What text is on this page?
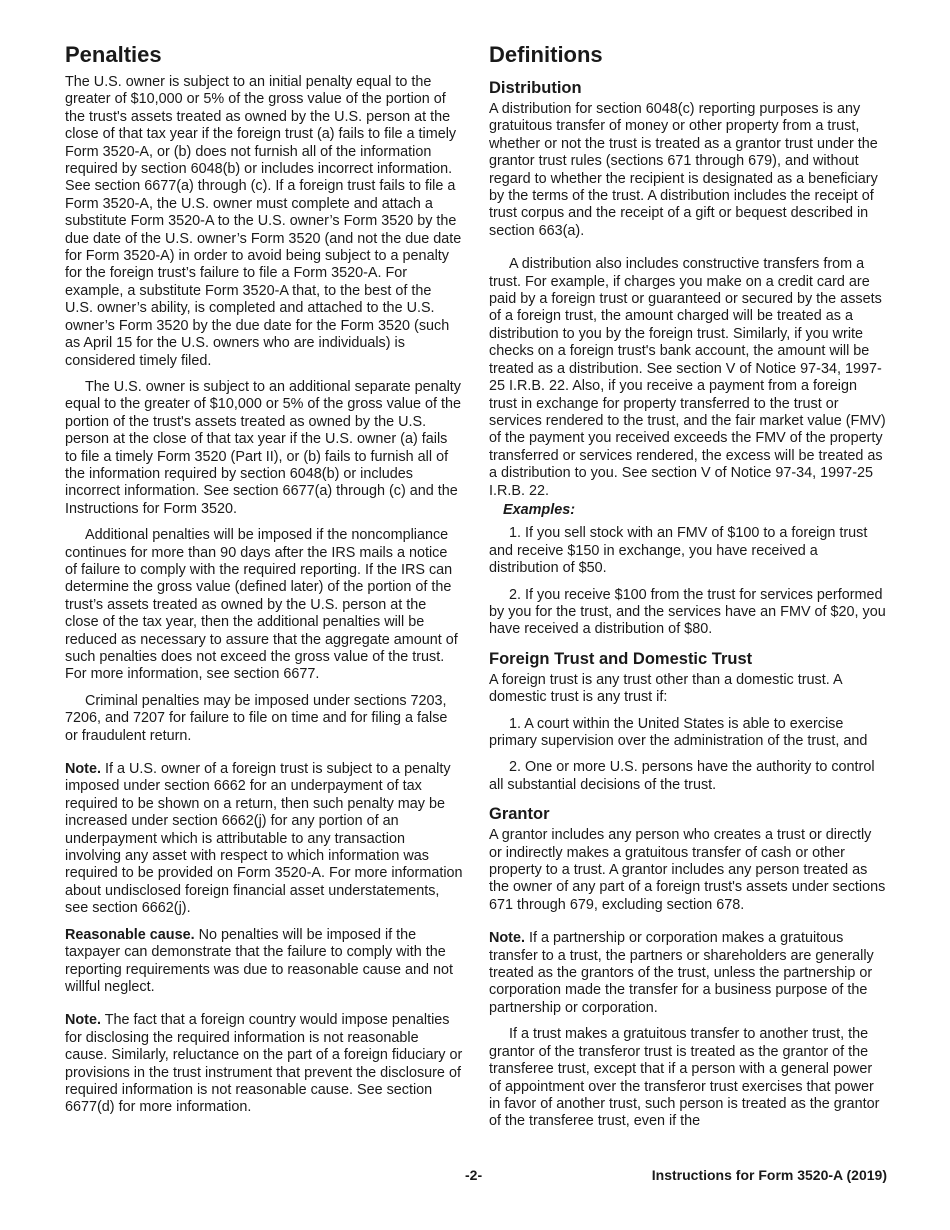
Penalties

The U.S. owner is subject to an initial penalty equal to the greater of $10,000 or 5% of the gross value of the portion of the trust's assets treated as owned by the U.S. person at the close of that tax year if the foreign trust (a) fails to file a timely Form 3520-A, or (b) does not furnish all of the information required by section 6048(b) or includes incorrect information. See section 6677(a) through (c). If a foreign trust fails to file a Form 3520-A, the U.S. owner must complete and attach a substitute Form 3520-A to the U.S. owner’s Form 3520 by the due date of the U.S. owner’s Form 3520 (and not the due date for Form 3520-A) in order to avoid being subject to a penalty for the foreign trust’s failure to file a Form 3520-A. For example, a substitute Form 3520-A that, to the best of the U.S. owner’s ability, is completed and attached to the U.S. owner’s Form 3520 by the due date for the Form 3520 (such as April 15 for the U.S. owners who are individuals) is considered timely filed.

The U.S. owner is subject to an additional separate penalty equal to the greater of $10,000 or 5% of the gross value of the portion of the trust's assets treated as owned by the U.S. person at the close of that tax year if the U.S. owner (a) fails to file a timely Form 3520 (Part II), or (b) fails to furnish all of the information required by section 6048(b) or includes incorrect information. See section 6677(a) through (c) and the Instructions for Form 3520.

Additional penalties will be imposed if the noncompliance continues for more than 90 days after the IRS mails a notice of failure to comply with the required reporting. If the IRS can determine the gross value (defined later) of the portion of the trust’s assets treated as owned by the U.S. person at the close of the tax year, then the additional penalties will be reduced as necessary to assure that the aggregate amount of such penalties does not exceed the gross value of the trust. For more information, see section 6677.

Criminal penalties may be imposed under sections 7203, 7206, and 7207 for failure to file on time and for filing a false or fraudulent return.

Note. If a U.S. owner of a foreign trust is subject to a penalty imposed under section 6662 for an underpayment of tax required to be shown on a return, then such penalty may be increased under section 6662(j) for any portion of an underpayment which is attributable to any transaction involving any asset with respect to which information was required to be provided on Form 3520-A. For more information about undisclosed foreign financial asset understatements, see section 6662(j).

Reasonable cause. No penalties will be imposed if the taxpayer can demonstrate that the failure to comply with the reporting requirements was due to reasonable cause and not willful neglect.

Note. The fact that a foreign country would impose penalties for disclosing the required information is not reasonable cause. Similarly, reluctance on the part of a foreign fiduciary or provisions in the trust instrument that prevent the disclosure of required information is not reasonable cause. See section 6677(d) for more information.

Definitions
Distribution

A distribution for section 6048(c) reporting purposes is any gratuitous transfer of money or other property from a trust, whether or not the trust is treated as a grantor trust under the grantor trust rules (sections 671 through 679), and without regard to whether the recipient is designated as a beneficiary by the terms of the trust. A distribution includes the receipt of trust corpus and the receipt of a gift or bequest described in section 663(a).

A distribution also includes constructive transfers from a trust. For example, if charges you make on a credit card are paid by a foreign trust or guaranteed or secured by the assets of a foreign trust, the amount charged will be treated as a distribution to you by the foreign trust. Similarly, if you write checks on a foreign trust's bank account, the amount will be treated as a distribution. See section V of Notice 97-34, 1997-25 I.R.B. 22. Also, if you receive a payment from a foreign trust in exchange for property transferred to the trust or services rendered to the trust, and the fair market value (FMV) of the payment you received exceeds the FMV of the property transferred or services rendered, the excess will be treated as a distribution to you. See section V of Notice 97-34, 1997-25 I.R.B. 22.

Examples:

1. If you sell stock with an FMV of $100 to a foreign trust and receive $150 in exchange, you have received a distribution of $50.

2. If you receive $100 from the trust for services performed by you for the trust, and the services have an FMV of $20, you have received a distribution of $80.

Foreign Trust and Domestic Trust

A foreign trust is any trust other than a domestic trust. A domestic trust is any trust if:

1. A court within the United States is able to exercise primary supervision over the administration of the trust, and

2. One or more U.S. persons have the authority to control all substantial decisions of the trust.

Grantor

A grantor includes any person who creates a trust or directly or indirectly makes a gratuitous transfer of cash or other property to a trust. A grantor includes any person treated as the owner of any part of a foreign trust's assets under sections 671 through 679, excluding section 678.

Note. If a partnership or corporation makes a gratuitous transfer to a trust, the partners or shareholders are generally treated as the grantors of the trust, unless the partnership or corporation made the transfer for a business purpose of the partnership or corporation.

If a trust makes a gratuitous transfer to another trust, the grantor of the transferor trust is treated as the grantor of the transferee trust, except that if a person with a general power of appointment over the transferor trust exercises that power in favor of another trust, such person is treated as the grantor of the transferee trust, even if the

-2-	Instructions for Form 3520-A (2019)
